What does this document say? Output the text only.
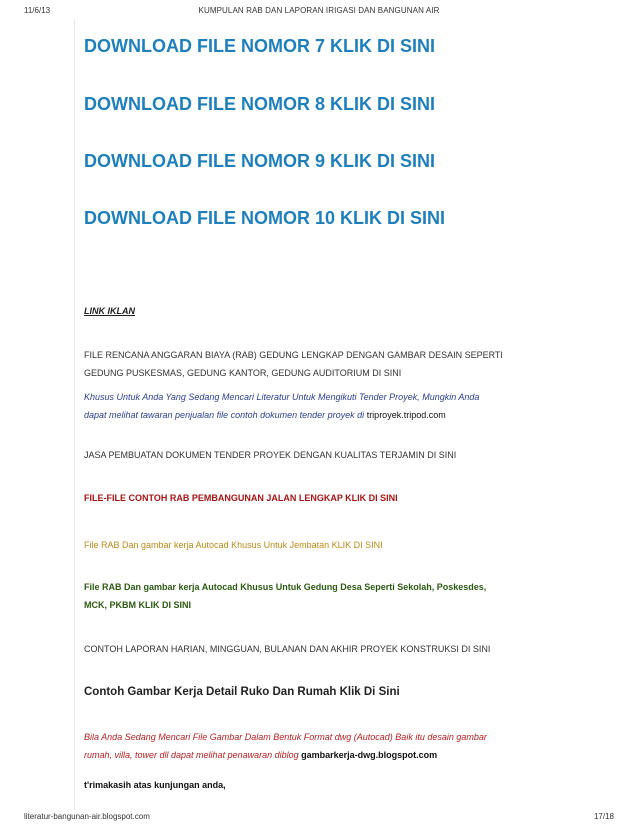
11/6/13	KUMPULAN RAB DAN LAPORAN IRIGASI DAN BANGUNAN AIR
DOWNLOAD FILE NOMOR 7 KLIK DI SINI
DOWNLOAD FILE NOMOR 8 KLIK DI SINI
DOWNLOAD FILE NOMOR 9 KLIK DI SINI
DOWNLOAD FILE NOMOR 10 KLIK DI SINI
LINK IKLAN
FILE RENCANA ANGGARAN BIAYA (RAB) GEDUNG LENGKAP DENGAN GAMBAR DESAIN SEPERTI
GEDUNG PUSKESMAS, GEDUNG KANTOR, GEDUNG AUDITORIUM DI SINI
Khusus Untuk Anda Yang Sedang Mencari Literatur Untuk Mengikuti Tender Proyek, Mungkin Anda
dapat melihat tawaran penjualan file contoh dokumen tender proyek di triproyek.tripod.com
JASA PEMBUATAN DOKUMEN TENDER PROYEK DENGAN KUALITAS TERJAMIN DI SINI
FILE-FILE CONTOH RAB PEMBANGUNAN JALAN LENGKAP KLIK DI SINI
File RAB Dan gambar kerja Autocad Khusus Untuk Jembatan KLIK DI SINI
File RAB Dan gambar kerja Autocad Khusus Untuk Gedung Desa Seperti Sekolah, Poskesdes,
MCK, PKBM KLIK DI SINI
CONTOH LAPORAN HARIAN, MINGGUAN, BULANAN DAN AKHIR PROYEK KONSTRUKSI DI SINI
Contoh Gambar Kerja Detail Ruko Dan Rumah Klik Di Sini
Bila Anda Sedang Mencari File Gambar Dalam Bentuk Format dwg (Autocad) Baik itu desain gambar
rumah, villa, tower dll dapat melihat penawaran diblog gambarkerja-dwg.blogspot.com
t'rimakasih atas kunjungan anda,
literatur-bangunan-air.blogspot.com	17/18
